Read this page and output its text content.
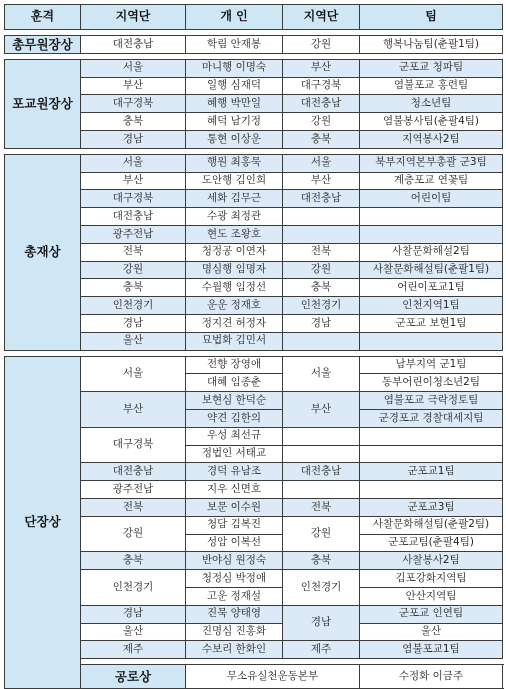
훈격	지역단	개 인	지역단	팀

총무원장상	대전충남	학림 안재봉	강원	행복나눔팀(춘팔1팀)

포교원장상	서울	마니행 이명숙	부산	군포교 청파팀
	부산	일행 심재덕	대구경북	염불포교 홍련팀
	대구경북	혜행 박만일	대전충남	청소년팀
	충북	혜덕 남기정	강원	염불봉사팀(춘팔4팀)
	경남	통현 이상운	충북	지역봉사2팀

총재상	서울	행원 최홍묵	서울	북부지역본부총괄 군3팀
	부산	도안행 김인희	부산	계층포교 연꽃팀
	대구경북	세화 김무근	대전충남	어린이팀
	대전충남	수광 최정관		
	광주전남	현도 조왕호		
	전북	청정공 이연자	전북	사찰문화해설2팀
	강원	명심행 임명자	강원	사찰문화해설팀(춘팔1팀)
	충북	수월행 임정선	충북	어린이포교1팀
	인천경기	운운 정재호	인천경기	인천지역1팀
	경남	정지견 허정자	경남	군포교 보현1팀
	울산	묘법화 김민서		

단장상	서울	전향 장영애	서울	남부지역 군1팀
		대혜 임종춘		동부어린이청소년2팀
	부산	보현심 한덕순	부산	염불포교 극락정토팀
		약견 김한의		군경포교 경찰대세지팀
	대구경북	우성 최선규		
		정법인 서태교		
	대전충남	경덕 유남조	대전충남	군포교1팀
	광주전남	지우 신면호		
	전북	보문 이수원	전북	군포교3팀
	강원	청담 김복진	강원	사찰문화해설팀(춘팔2팀)
		성암 이복선		군포교팀(춘팔4팀)
	충북	반야심 원정숙	충북	사찰봉사2팀
	인천경기	청정심 박정애	인천경기	김포강화지역팀
		고운 정재설		안산지역팀
	경남	진묵 양태영	경남	군포교 인연팀
	울산	진명심 진홍화		울산
	제주	수보리 한화인	제주	염불포교1팀

	공로상	무소유실천운동본부		수정화 이금주
